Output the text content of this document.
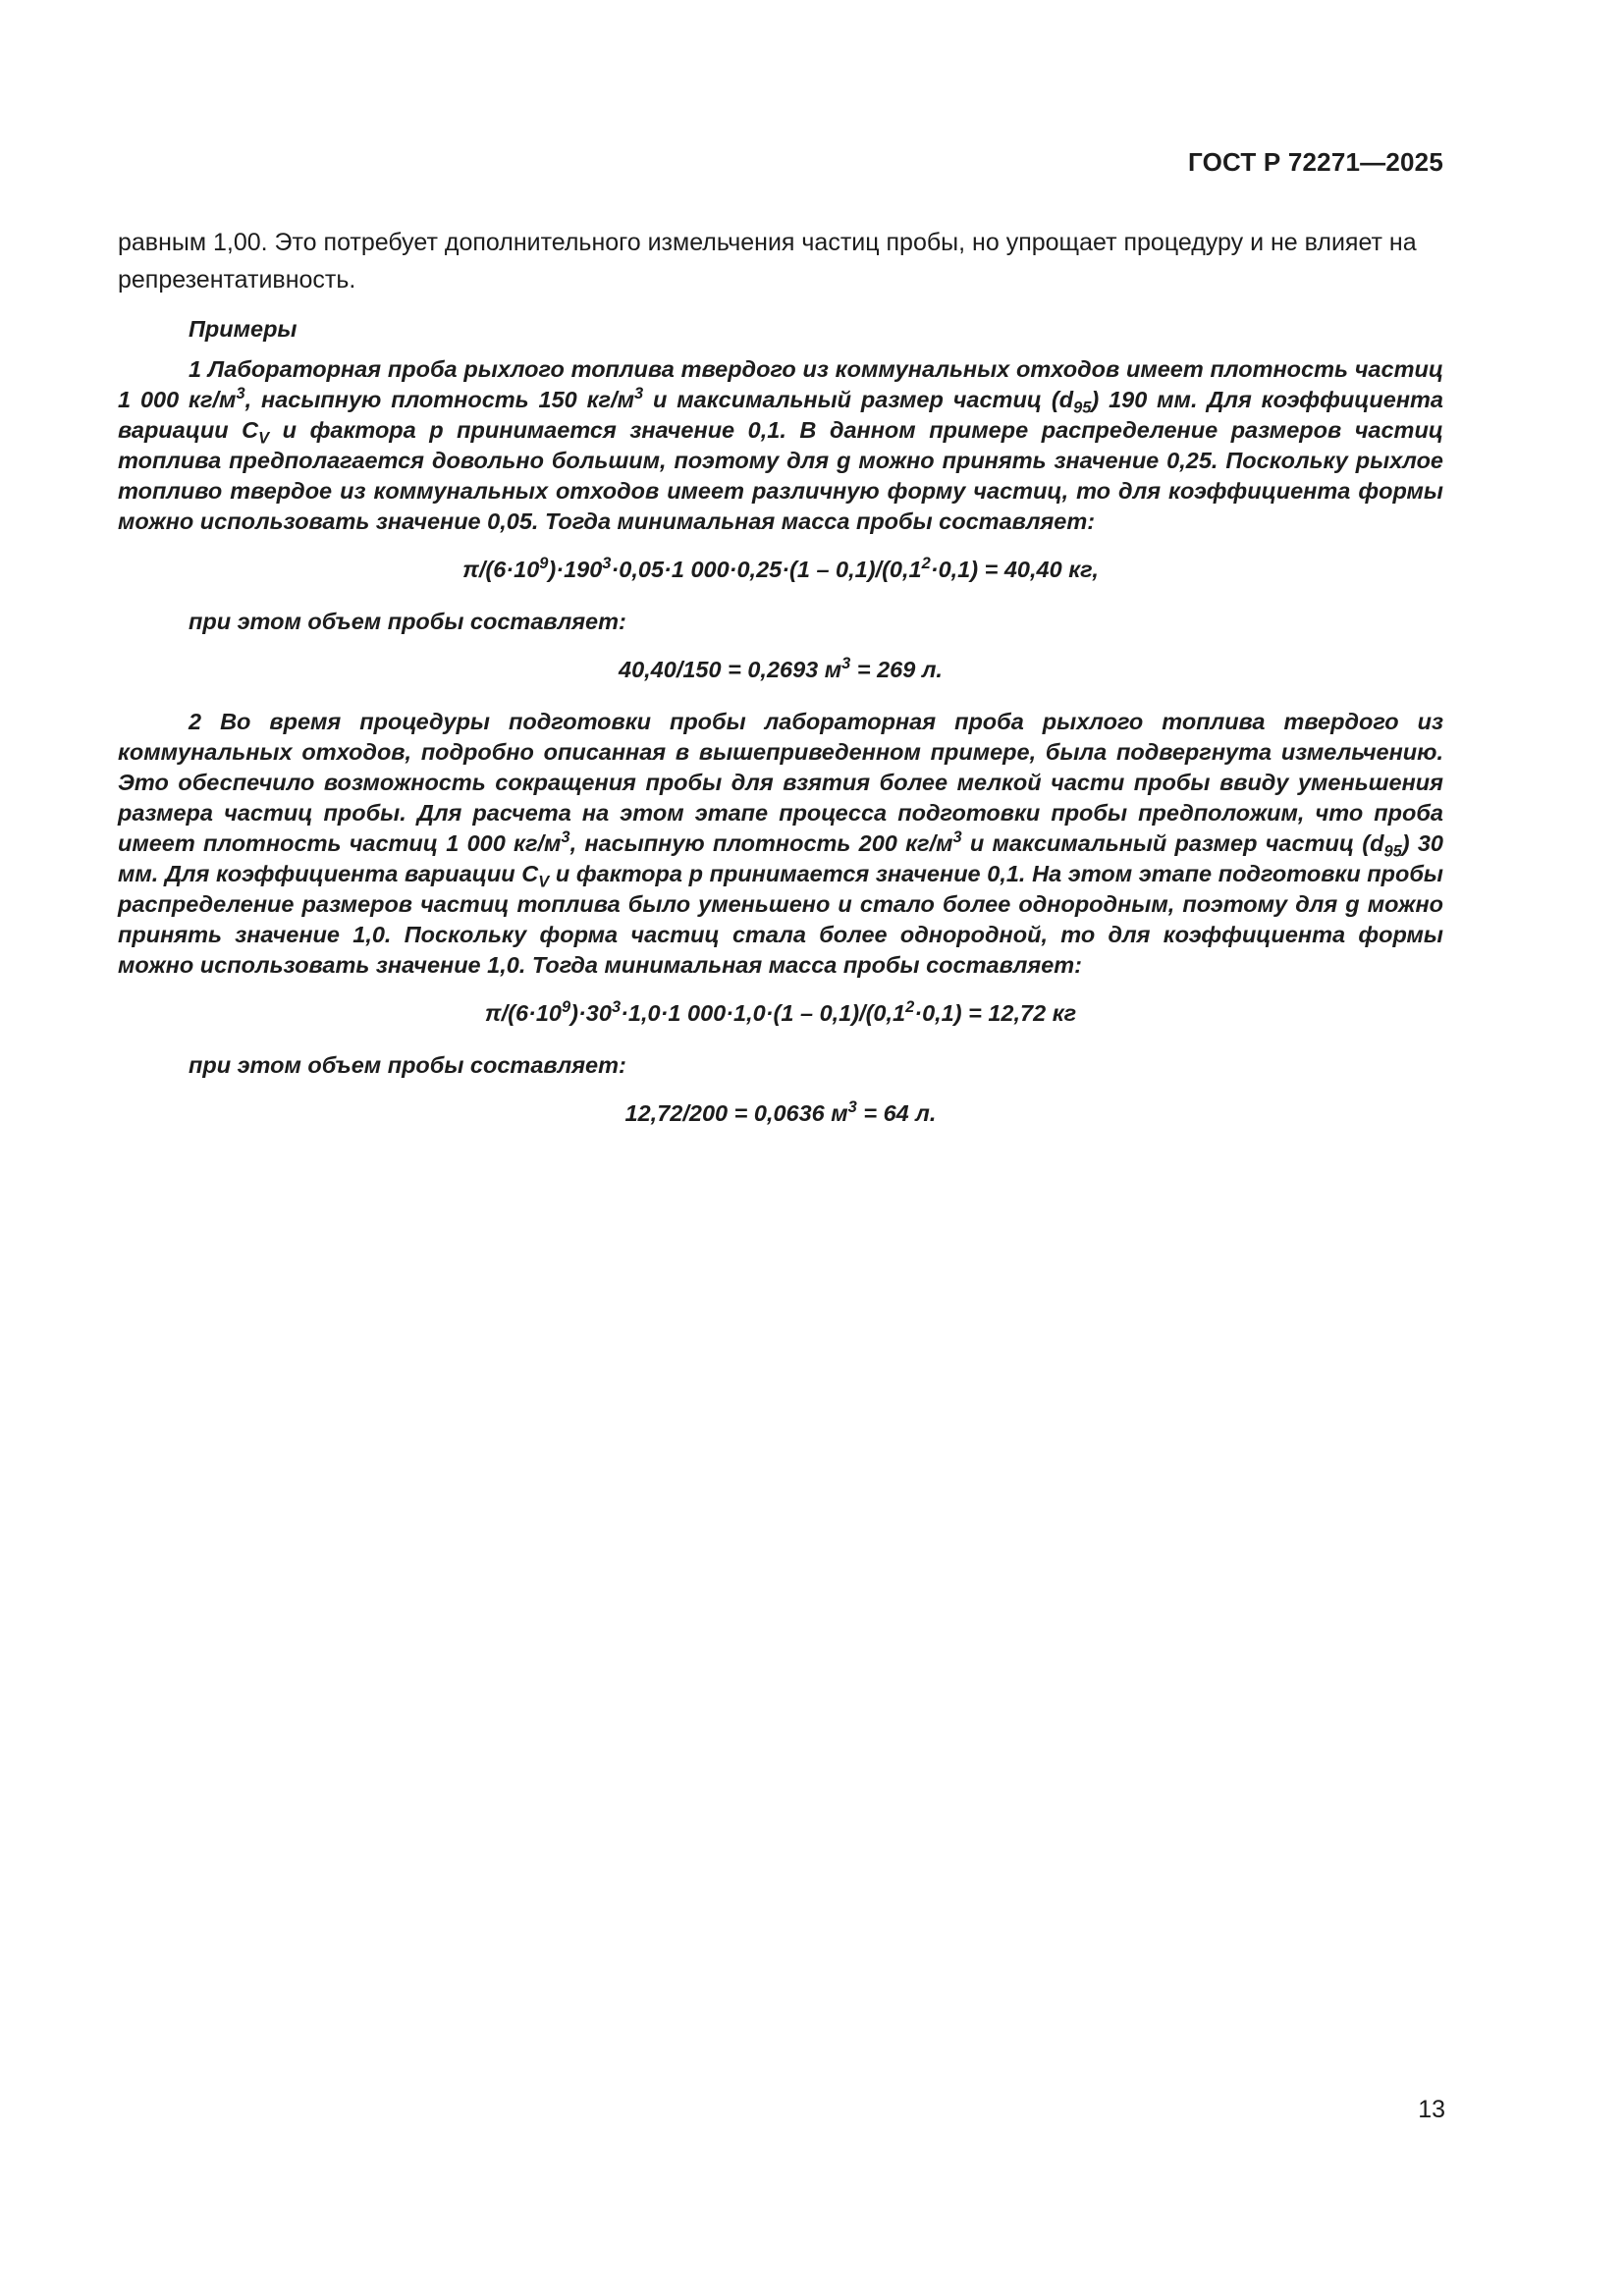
ГОСТ Р 72271—2025

равным 1,00. Это потребует дополнительного измельчения частиц пробы, но упрощает процедуру и не влияет на репрезентативность.

Примеры

1 Лабораторная проба рыхлого топлива твердого из коммунальных отходов имеет плотность частиц 1 000 $кг/м^3$, насыпную плотность 150 $кг/м^3$ и максимальный размер частиц $(d_{95})$ 190 мм. Для коэффициента вариации $C_V$ и фактора p принимается значение 0,1. В данном примере распределение размеров частиц топлива предполагается довольно большим, поэтому для g можно принять значение 0,25. Поскольку рыхлое топливо твердое из коммунальных отходов имеет различную форму частиц, то для коэффициента формы можно использовать значение 0,05. Тогда минимальная масса пробы составляет:

$\pi/(6\cdot 10^9)\cdot 190^3\cdot 0,05\cdot 1$ $000\cdot 0,25\cdot(1 - 0,1)/(0,1^2\cdot 0,1) = 40,40$ кг,

при этом объем пробы составляет:

40,40/150 = 0,2693 $м^3 = 269$ л.

2 Во время процедуры подготовки пробы лабораторная проба рыхлого топлива твердого из коммунальных отходов, подробно описанная в вышеприведенном примере, была подвергнута измельчению. Это обеспечило возможность сокращения пробы для взятия более мелкой части пробы ввиду уменьшения размера частиц пробы. Для расчета на этом этапе процесса подготовки пробы предположим, что проба имеет плотность частиц 1 000 $кг/м^3$, насыпную плотность 200 $кг/м^3$ и максимальный размер частиц $(d_{95})$ 30 мм. Для коэффициента вариации $C_V$ и фактора p принимается значение 0,1. На этом этапе подготовки пробы распределение размеров частиц топлива было уменьшено и стало более однородным, поэтому для g можно принять значение 1,0. Поскольку форма частиц стала более однородной, то для коэффициента формы можно использовать значение 1,0. Тогда минимальная масса пробы составляет:

$\pi/(6\cdot 10^9)\cdot 30^3\cdot 1,0\cdot 1$ $000\cdot 1,0\cdot(1 - 0,1)/(0,1^2\cdot 0,1) = 12,72$ кг

при этом объем пробы составляет:

12,72/200 = 0,0636 $м^3 = 64$ л.

13
